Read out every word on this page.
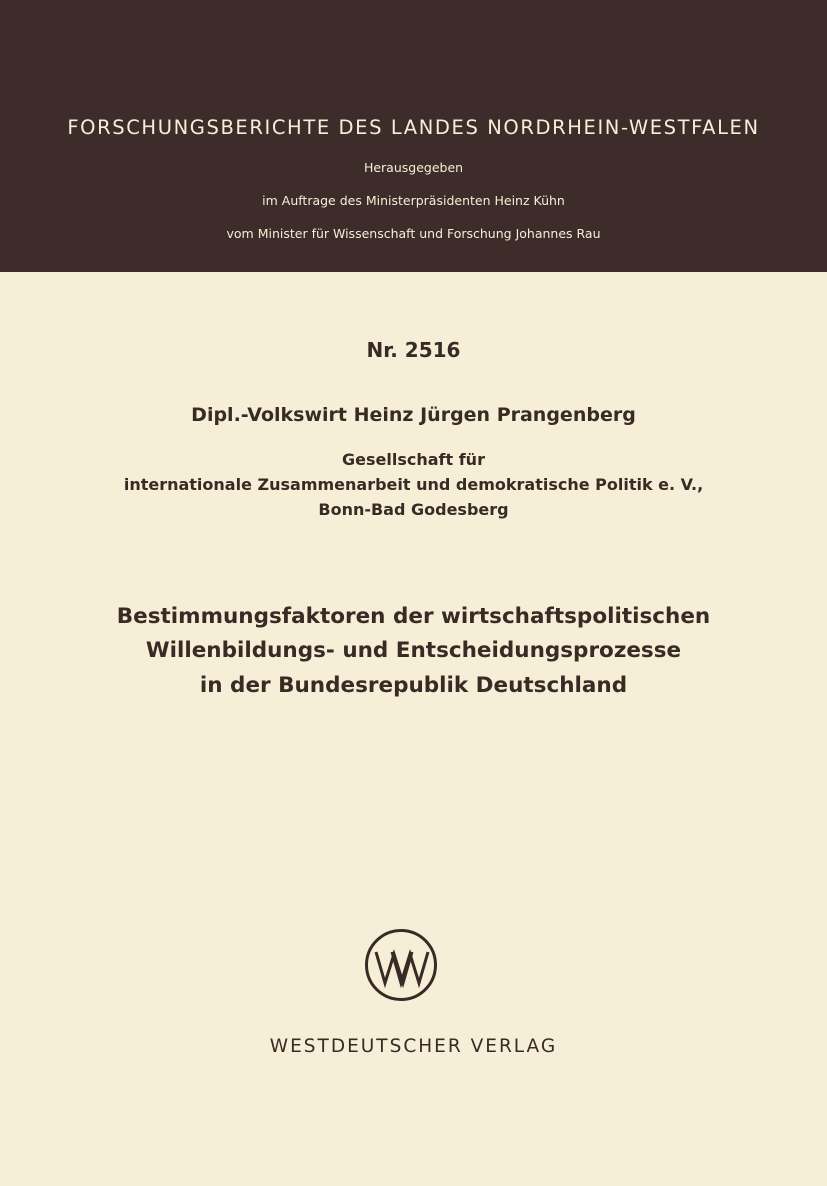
FORSCHUNGSBERICHTE DES LANDES NORDRHEIN-WESTFALEN
Herausgegeben
im Auftrage des Ministerpräsidenten Heinz Kühn
vom Minister für Wissenschaft und Forschung Johannes Rau
Nr. 2516
Dipl.-Volkswirt Heinz Jürgen Prangenberg
Gesellschaft für
internationale Zusammenarbeit und demokratische Politik e. V.,
Bonn-Bad Godesberg
Bestimmungsfaktoren der wirtschaftspolitischen
Willenbildungs- und Entscheidungsprozesse
in der Bundesrepublik Deutschland
WESTDEUTSCHER VERLAG
